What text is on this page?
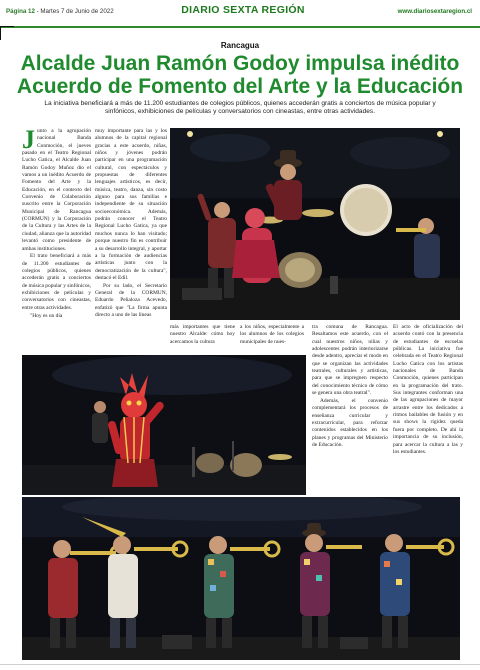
Página 12 - Martes 7 de Junio de 2022	DIARIO SEXTA REGIÓN	www.diariosextaregion.cl
Rancagua
Alcalde Juan Ramón Godoy impulsa inédito Acuerdo de Fomento del Arte y la Educación
La iniciativa beneficiará a más de 11.200 estudiantes de colegios públicos, quienes accederán gratis a conciertos de música popular y sinfónicos, exhibiciones de películas y conversatorios con cineastas, entre otras actividades.

Junto a la agrupación nacional Banda Conmoción, el jueves pasado en el Teatro Regional Lucho Gatica, el Alcalde Juan Ramón Godoy Muñoz dio el vamos a un inédito Acuerdo de Fomento del Arte y la Educación, en el contexto del Convenio de Colaboración suscrito entre la Corporación Municipal de Rancagua (CORMUN) y la Corporación de la Cultura y las Artes de la ciudad, alianza que la autoridad levantó como presidente de ambas instituciones.

El trato beneficiará a más de 11.200 estudiantes de colegios públicos, quienes accederán gratis a conciertos de música popular y sinfónicos, exhibiciones de películas y conversatorios con cineastas, entre otras actividades.

"Hoy es un día

muy importante para las y los alumnos de la capital regional gracias a este acuerdo, niñas, niños y jóvenes podrán participar en una programación cultural, con espectáculos y propuestas de diferentes lenguajes artísticos, es decir, música, teatro, danza, sin costo alguno para sus familias e independiente de su situación socioeconómica. Además, podrán conocer el Teatro Regional Lucho Gatica, ya que muchos nunca lo han visitado; porque nuestro fin es contribuir a su desarrollo integral, y aportar a la formación de audiencias artísticas junto con la democratización de la cultura", destacó el Edil.

Por su lado, el Secretario General de la CORMUN, Eduardo Peñaloza Acevedo, enfatizó que "La firma apunta directo a uno de las líneas

más importantes que tiene nuestro Alcalde: cómo hoy acercamos la cultura

a los niños, especialmente a los alumnos de los colegios municipales de nues-

tra comuna de Rancagua. Resaltamos este acuerdo, con el cual nuestros niños, niñas y adolescentes podrán interiorizarse desde adentro, apreciar el modo en que se organizan las actividades teatrales, culturales y artísticas, para que se impregnen respecto del conocimiento técnico de cómo se genera una obra teatral".

Además, el convenio complementará los procesos de enseñanza curricular y extracurricular, para reforzar contenidos establecidos en los planes y programas del Ministerio de Educación.

El acto de oficialización del acuerdo contó con la presencia de estudiantes de escuelas públicas. La iniciativa fue celebrada en el Teatro Regional Lucho Gatica con los artistas nacionales de Banda Conmoción, quienes participan en la programación del trato. Sus integrantes conforman una de las agrupaciones de mayor arrastre entre los dedicados a ritmos bailables de fusión y en sus shows la rigidez queda fuera por completo. De ahí la importancia de su inclusión, para acercar la cultura a las y los estudiantes.
